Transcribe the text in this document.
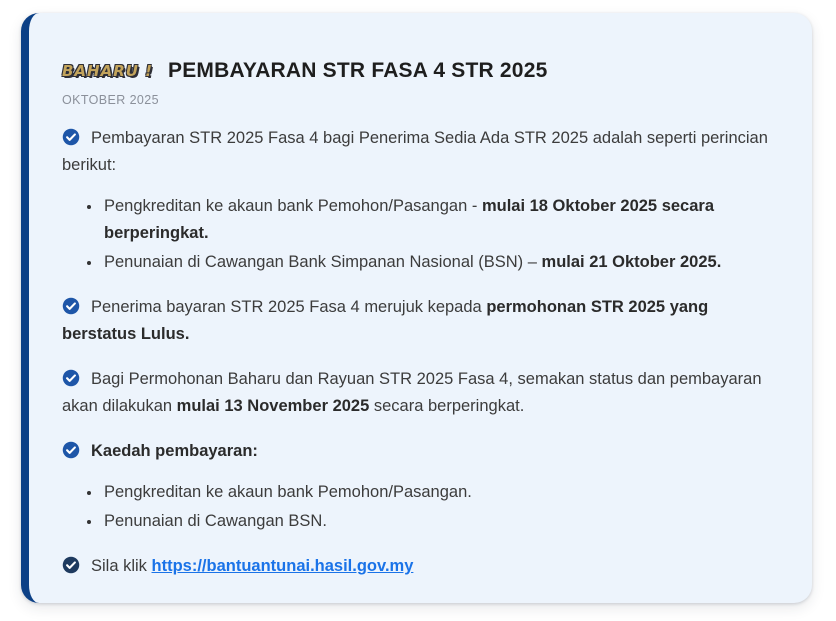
BAHARU ! PEMBAYARAN STR FASA 4 STR 2025
OKTOBER 2025

Pembayaran STR 2025 Fasa 4 bagi Penerima Sedia Ada STR 2025 adalah seperti perincian berikut:

• Pengkreditan ke akaun bank Pemohon/Pasangan - mulai 18 Oktober 2025 secara berperingkat.
• Penunaian di Cawangan Bank Simpanan Nasional (BSN) – mulai 21 Oktober 2025.

Penerima bayaran STR 2025 Fasa 4 merujuk kepada permohonan STR 2025 yang berstatus Lulus.

Bagi Permohonan Baharu dan Rayuan STR 2025 Fasa 4, semakan status dan pembayaran akan dilakukan mulai 13 November 2025 secara berperingkat.

Kaedah pembayaran:

• Pengkreditan ke akaun bank Pemohon/Pasangan.
• Penunaian di Cawangan BSN.

Sila klik https://bantuantunai.hasil.gov.my
